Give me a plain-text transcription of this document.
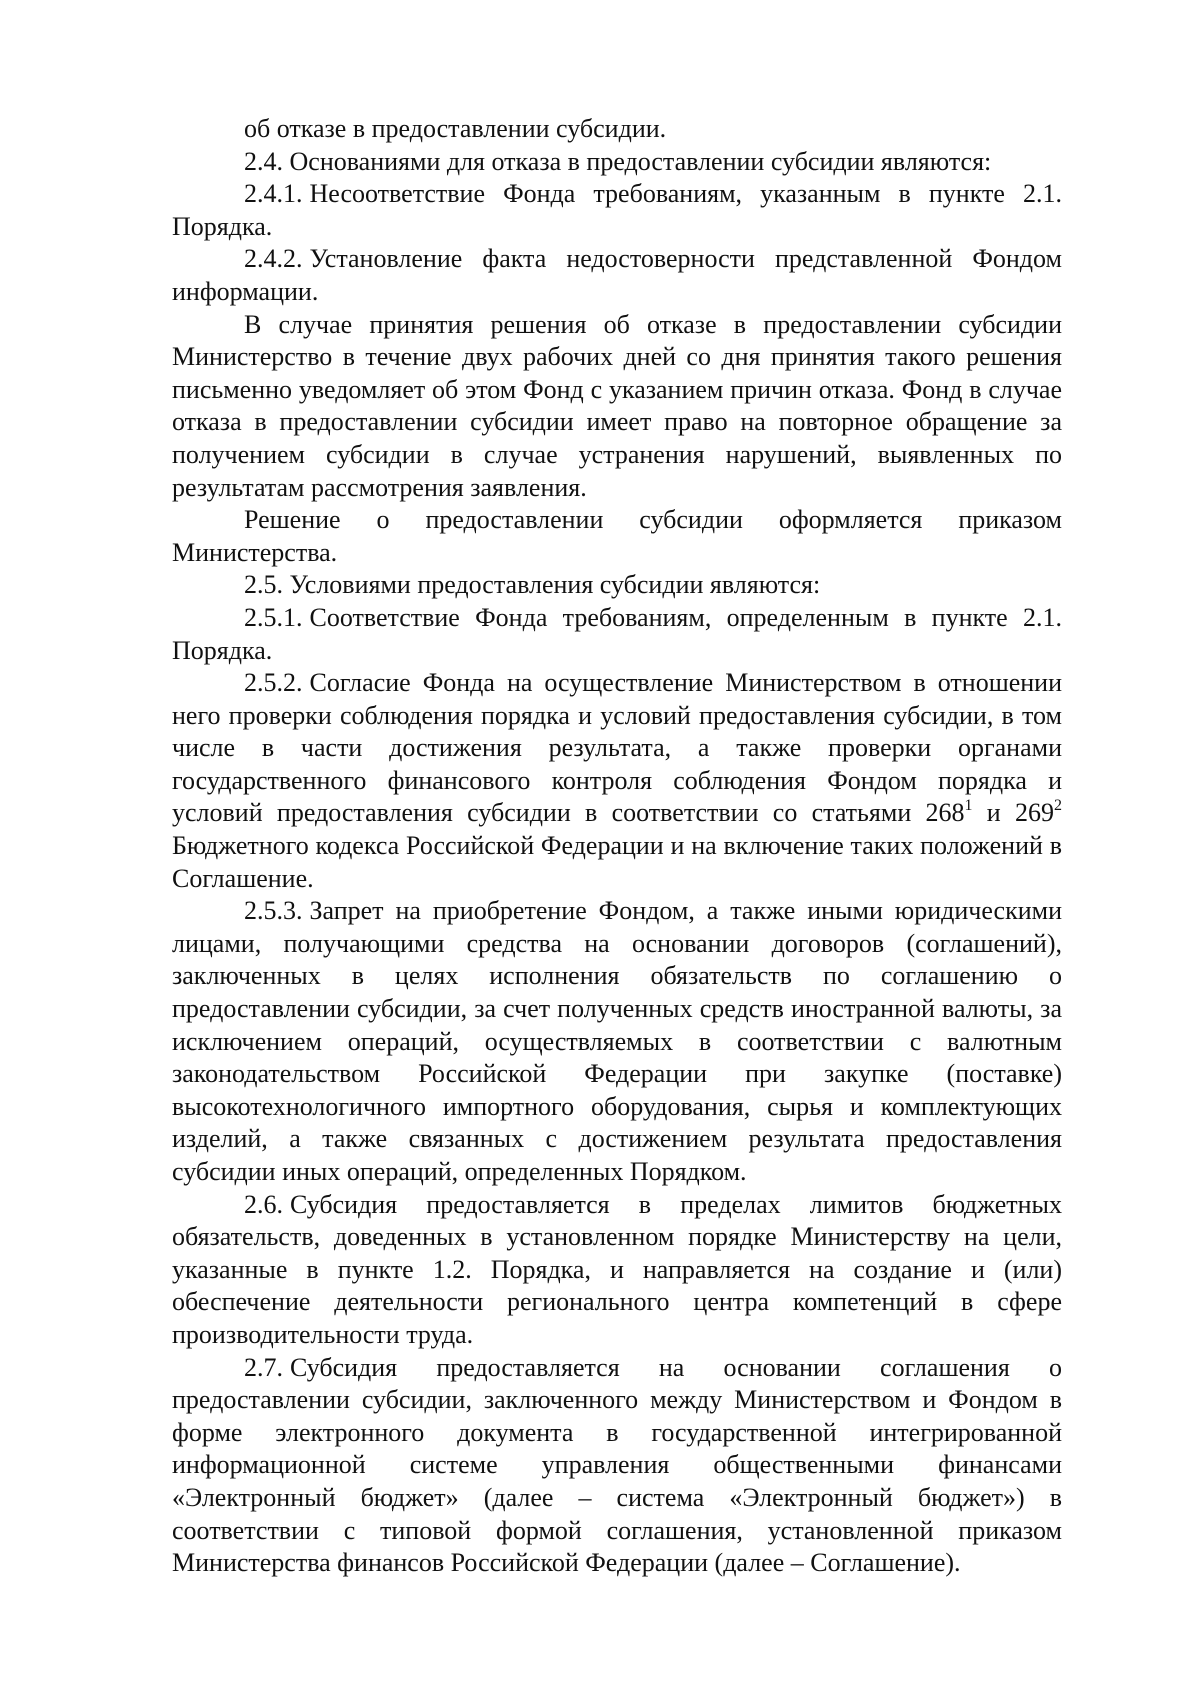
об отказе в предоставлении субсидии.

2.4. Основаниями для отказа в предоставлении субсидии являются:

2.4.1. Несоответствие Фонда требованиям, указанным в пункте 2.1. Порядка.

2.4.2. Установление факта недостоверности представленной Фондом информации.

В случае принятия решения об отказе в предоставлении субсидии Министерство в течение двух рабочих дней со дня принятия такого решения письменно уведомляет об этом Фонд с указанием причин отказа. Фонд в случае отказа в предоставлении субсидии имеет право на повторное обращение за получением субсидии в случае устранения нарушений, выявленных по результатам рассмотрения заявления.

Решение о предоставлении субсидии оформляется приказом Министерства.

2.5. Условиями предоставления субсидии являются:

2.5.1. Соответствие Фонда требованиям, определенным в пункте 2.1. Порядка.

2.5.2. Согласие Фонда на осуществление Министерством в отношении него проверки соблюдения порядка и условий предоставления субсидии, в том числе в части достижения результата, а также проверки органами государственного финансового контроля соблюдения Фондом порядка и условий предоставления субсидии в соответствии со статьями $268^1$ и $269^2$ Бюджетного кодекса Российской Федерации и на включение таких положений в Соглашение.

2.5.3. Запрет на приобретение Фондом, а также иными юридическими лицами, получающими средства на основании договоров (соглашений), заключенных в целях исполнения обязательств по соглашению о предоставлении субсидии, за счет полученных средств иностранной валюты, за исключением операций, осуществляемых в соответствии с валютным законодательством Российской Федерации при закупке (поставке) высокотехнологичного импортного оборудования, сырья и комплектующих изделий, а также связанных с достижением результата предоставления субсидии иных операций, определенных Порядком.

2.6. Субсидия предоставляется в пределах лимитов бюджетных обязательств, доведенных в установленном порядке Министерству на цели, указанные в пункте 1.2. Порядка, и направляется на создание и (или) обеспечение деятельности регионального центра компетенций в сфере производительности труда.

2.7. Субсидия предоставляется на основании соглашения о предоставлении субсидии, заключенного между Министерством и Фондом в форме электронного документа в государственной интегрированной информационной системе управления общественными финансами «Электронный бюджет» (далее – система «Электронный бюджет») в соответствии с типовой формой соглашения, установленной приказом Министерства финансов Российской Федерации (далее – Соглашение).
